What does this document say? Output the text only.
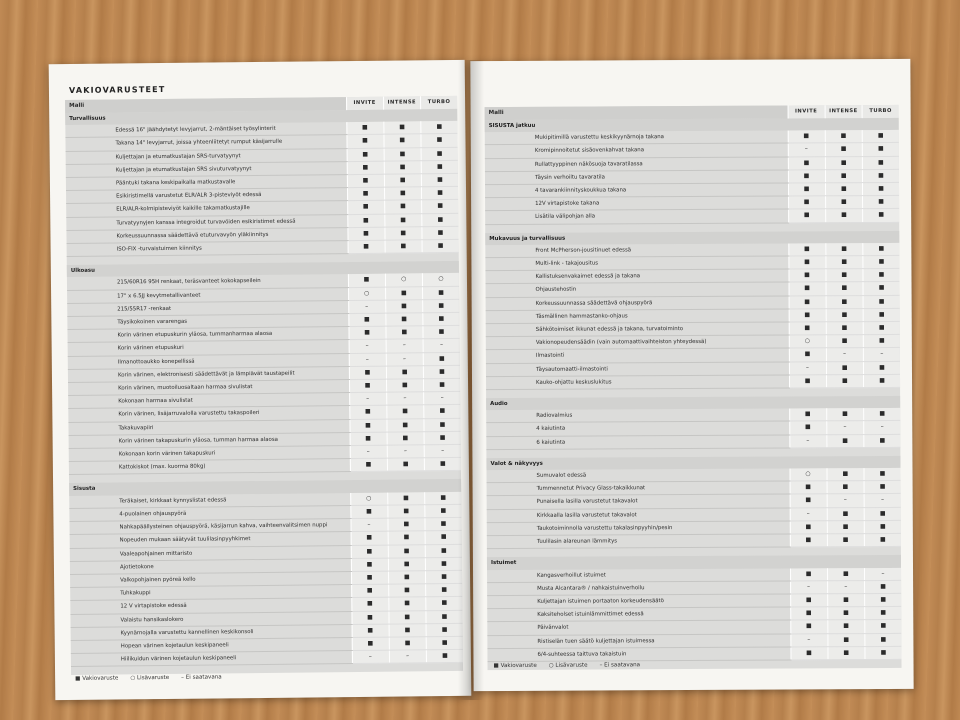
VAKIOVARUSTEET
Malli	INVITE	INTENSE	TURBO
Turvallisuus			
Edessä 16" jäähdytetyt levyjarrut, 2-mäntäiset työsylinterit	■	■	■
Takana 14" levyjarrut, joissa yhteenliitetyt rumput käsijarrulle	■	■	■
Kuljettajan ja etumatkustajan SRS-turvatyynyt	■	■	■
Kuljettajan ja etumatkustajan SRS sivuturvatyynyt	■	■	■
Pääntuki takana keskipaikalla matkustavalle	■	■	■
Esikiristimellä varustetut ELR/ALR 3-pisteviyöt edessä	■	■	■
ELR/ALR-kolmipisteviyöt kaikille takamatkustajille	■	■	■
Turvatyynyjen kanssa integroidut turvavöiden esikiristimet edessä	■	■	■
Korkeussuunnassa säädettävä etuturvavyön yläkiinnitys	■	■	■
ISO-FIX -turvaistuimen kiinnitys	■	■	■

Ulkoasu			
215/60R16 95H renkaat, teräsvanteet kokokapseilein	■	○	○
17" x 6.5JJ kevytmetallivanteet	○	■	■
215/55R17 -renkaat	–	■	■
Täysikokoinen vararengas	■	■	■
Korin värinen etupuskurin yläosa, tummanharmaa alaosa	■	■	■
Korin värinen etupuskuri	–	–	–
Ilmanottoaukko konepellissä	–	–	■
Korin värinen, elektronisesti säädettävät ja lämpiävät taustapeilit	■	■	■
Korin värinen, muotoiluosaltaan harmaa sivulistat	■	■	■
Kokonaan harmaa sivulistat	–	–	–
Korin värinen, lisäjarruvalolla varustettu takaspoileri	■	■	■
Takakuvapiiri	■	■	■
Korin värinen takapuskurin yläosa, tumman harmaa alaosa	■	■	■
Kokonaan korin värinen takapuskuri	–	–	–
Kattokiskot (max. kuorma 80kg)	■	■	■

Sisusta			
Teräkaiset, kirkkaat kynnyslistat edessä	○	■	■
4-puolainen ohjauspyörä	■	■	■
Nahkapäällysteinen ohjauspyörä, käsijarrun kahva, vaihteenvalitsimen nuppi	–	■	■
Nopeuden mukaan säätyvät tuulilasinpyyhkimet	■	■	■
Vaaleapohjainen mittaristo	■	■	■
Ajotietokone	■	■	■
Valkopohjainen pyöreä kello	■	■	■
Tuhkakuppi	■	■	■
12 V virtapistoke edessä	■	■	■
Valaistu hansikaslokero	■	■	■
Kyynärnojalla varustettu kannellinen keskikonsoli	■	■	■
Hopean värinen kojetaulun keskipaneeli	■	■	■
Hiilikuidun värinen kojetaulun keskipaneeli	–	–	■

■ Vakiovaruste ○ Lisävaruste – Ei saatavana
Malli	INVITE	INTENSE	TURBO
SISUSTA jatkuu			
Mukipitimillä varustettu keskikyynärnoja takana	■	■	■
Kromipinnoitetut sisäovenkahvat takana	–	■	■
Rullattyyppinen näkösuoja tavaratilassa	■	■	■
Täysin verhoiltu tavaratila	■	■	■
4 tavarankiinnityskoukkua takana	■	■	■
12V virtapistoke takana	■	■	■
Lisätila välipohjan alla	■	■	■

Mukavuus ja turvallisuus			
Front McPherson-jousitinuet edessä	■	■	■
Multi-link - takajousitus	■	■	■
Kallistuksenvakaimet edessä ja takana	■	■	■
Ohjaustehostin	■	■	■
Korkeussuunnassa säädettävä ohjauspyörä	■	■	■
Täsmällinen hammastanko-ohjaus	■	■	■
Sähkötoimiset ikkunat edessä ja takana, turvatoiminto	■	■	■
Vakionopeudensäädin (vain automaattivaihteiston yhteydessä)	○	■	■
Ilmastointi	■	–	–
Täysautomaatti-ilmastointi	–	■	■
Kauko-ohjattu keskuslukitus	■	■	■

Audio			
Radiovalmius	■	■	■
4 kaiutinta	■	–	–
6 kaiutinta	–	■	■

Valot & näkyvyys			
Sumuvalot edessä	○	■	■
Tummennetut Privacy Glass-takaikkunat	■	■	■
Punaisella lasilla varustetut takavalot	■	–	–
Kirkkaalla lasilla varustetut takavalot	–	■	■
Taukotoiminnolla varustettu takalasinpyyhin/pesin	■	■	■
Tuulilasin alareunan lämmitys	■	■	■

Istuimet			
Kangasverhoillut istuimet	■	■	–
Musta Alcantara® / nahkaistuinverhoilu	–	–	■
Kuljettajan istuimen portaaton korkeudensäätö	■	■	■
Kaksiteholset istuinlämmittimet edessä	■	■	■
Päivänvalot	■	■	■
Ristiselän tuen säätö kuljettajan istuimessa	–	■	■
6/4-suhteessa taittuva takaistuin	■	■	■

■ Vakiovaruste ○ Lisävaruste – Ei saatavana
